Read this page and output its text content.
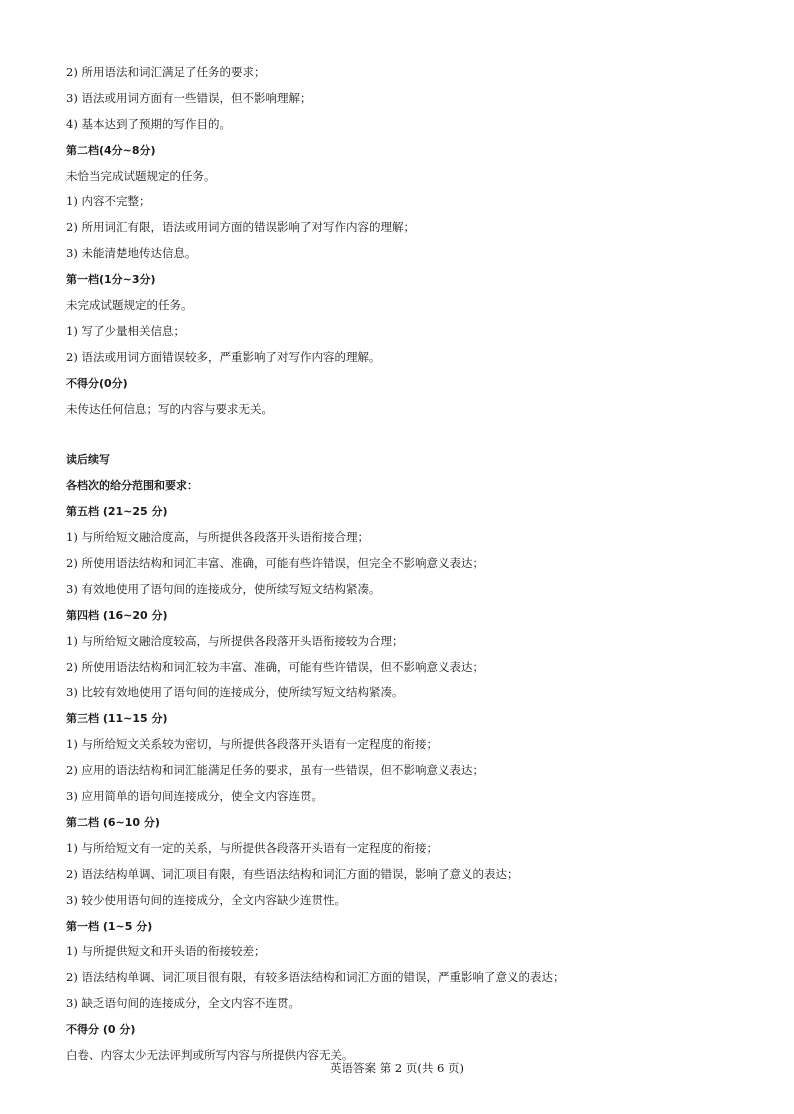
2) 所用语法和词汇满足了任务的要求；
3) 语法或用词方面有一些错误，但不影响理解；
4) 基本达到了预期的写作目的。
第二档(4分~8分)
未恰当完成试题规定的任务。
1) 内容不完整；
2) 所用词汇有限，语法或用词方面的错误影响了对写作内容的理解；
3) 未能清楚地传达信息。
第一档(1分~3分)
未完成试题规定的任务。
1) 写了少量相关信息；
2) 语法或用词方面错误较多，严重影响了对写作内容的理解。
不得分(0分)
未传达任何信息；写的内容与要求无关。
读后续写
各档次的给分范围和要求：
第五档 (21~25 分)
1) 与所给短文融洽度高，与所提供各段落开头语衔接合理；
2) 所使用语法结构和词汇丰富、准确，可能有些许错误，但完全不影响意义表达；
3) 有效地使用了语句间的连接成分，使所续写短文结构紧凑。
第四档 (16~20 分)
1) 与所给短文融洽度较高，与所提供各段落开头语衔接较为合理；
2) 所使用语法结构和词汇较为丰富、准确，可能有些许错误，但不影响意义表达；
3) 比较有效地使用了语句间的连接成分，使所续写短文结构紧凑。
第三档 (11~15 分)
1) 与所给短文关系较为密切，与所提供各段落开头语有一定程度的衔接；
2) 应用的语法结构和词汇能满足任务的要求，虽有一些错误，但不影响意义表达；
3) 应用简单的语句间连接成分，使全文内容连贯。
第二档 (6~10 分)
1) 与所给短文有一定的关系，与所提供各段落开头语有一定程度的衔接；
2) 语法结构单调、词汇项目有限，有些语法结构和词汇方面的错误，影响了意义的表达；
3) 较少使用语句间的连接成分，全文内容缺少连贯性。
第一档 (1~5 分)
1) 与所提供短文和开头语的衔接较差；
2) 语法结构单调、词汇项目很有限，有较多语法结构和词汇方面的错误，严重影响了意义的表达；
3) 缺乏语句间的连接成分，全文内容不连贯。
不得分 (0 分)
白卷、内容太少无法评判或所写内容与所提供内容无关。
英语答案 第 2 页(共 6 页)
